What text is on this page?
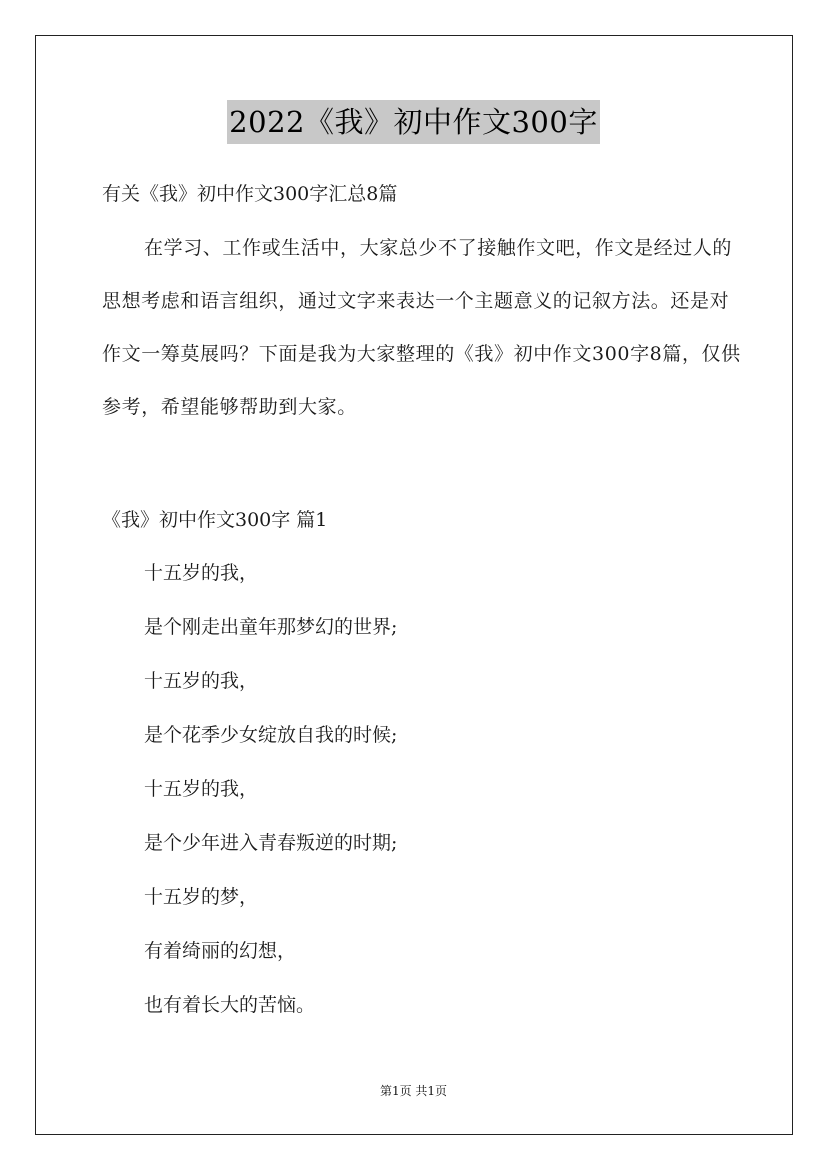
2022《我》初中作文300字
有关《我》初中作文300字汇总8篇
在学习、工作或生活中，大家总少不了接触作文吧，作文是经过人的思想考虑和语言组织，通过文字来表达一个主题意义的记叙方法。还是对作文一筹莫展吗？下面是我为大家整理的《我》初中作文300字8篇，仅供参考，希望能够帮助到大家。
《我》初中作文300字 篇1
十五岁的我，
是个刚走出童年那梦幻的世界;
十五岁的我，
是个花季少女绽放自我的时候;
十五岁的我，
是个少年进入青春叛逆的时期;
十五岁的梦，
有着绮丽的幻想，
也有着长大的苦恼。
第1页 共1页
